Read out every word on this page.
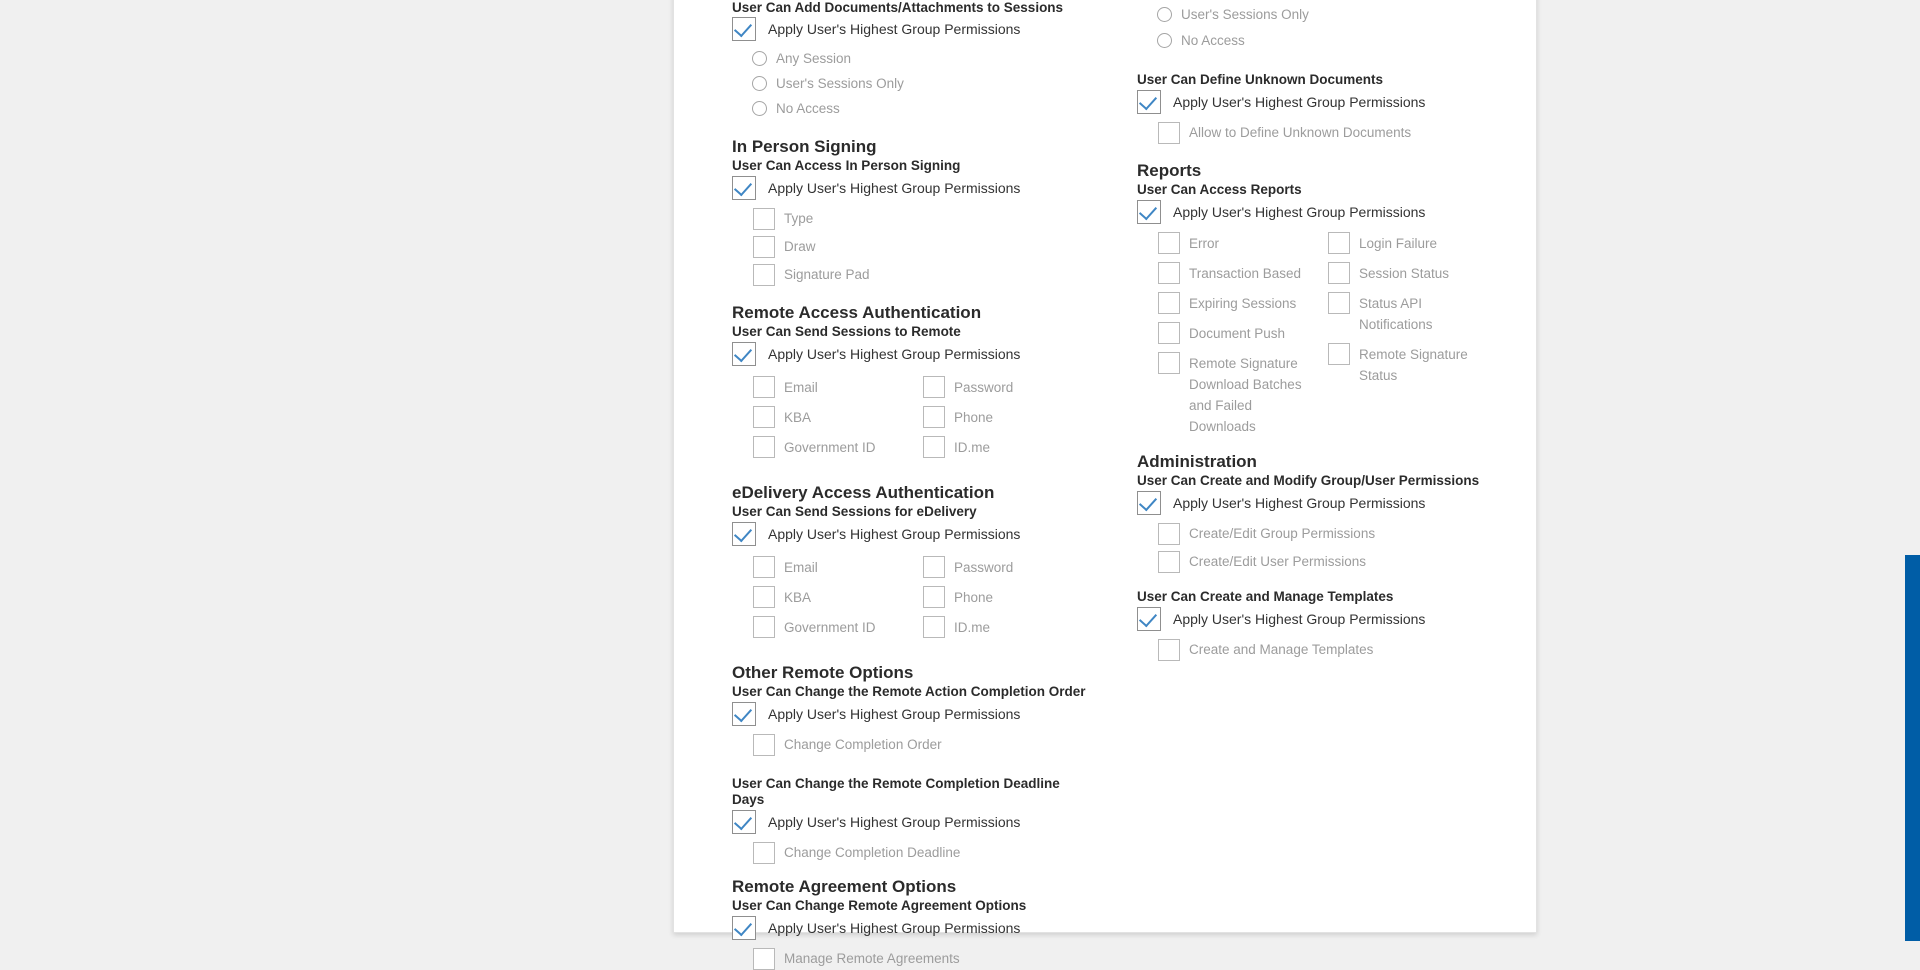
User Can Add Documents/Attachments to Sessions
Apply User's Highest Group Permissions
Any Session
User's Sessions Only
No Access
In Person Signing
User Can Access In Person Signing
Apply User's Highest Group Permissions
Type
Draw
Signature Pad
Remote Access Authentication
User Can Send Sessions to Remote
Apply User's Highest Group Permissions
Email
KBA
Government ID
Password
Phone
ID.me
eDelivery Access Authentication
User Can Send Sessions for eDelivery
Apply User's Highest Group Permissions
Email
KBA
Government ID
Password
Phone
ID.me
Other Remote Options
User Can Change the Remote Action Completion Order
Apply User's Highest Group Permissions
Change Completion Order
User Can Change the Remote Completion Deadline Days
Apply User's Highest Group Permissions
Change Completion Deadline
Remote Agreement Options
User Can Change Remote Agreement Options
Apply User's Highest Group Permissions
Manage Remote Agreements
User's Sessions Only
No Access
User Can Define Unknown Documents
Apply User's Highest Group Permissions
Allow to Define Unknown Documents
Reports
User Can Access Reports
Apply User's Highest Group Permissions
Error
Transaction Based
Expiring Sessions
Document Push
Remote Signature Download Batches and Failed Downloads
Login Failure
Session Status
Status API Notifications
Remote Signature Status
Administration
User Can Create and Modify Group/User Permissions
Apply User's Highest Group Permissions
Create/Edit Group Permissions
Create/Edit User Permissions
User Can Create and Manage Templates
Apply User's Highest Group Permissions
Create and Manage Templates
